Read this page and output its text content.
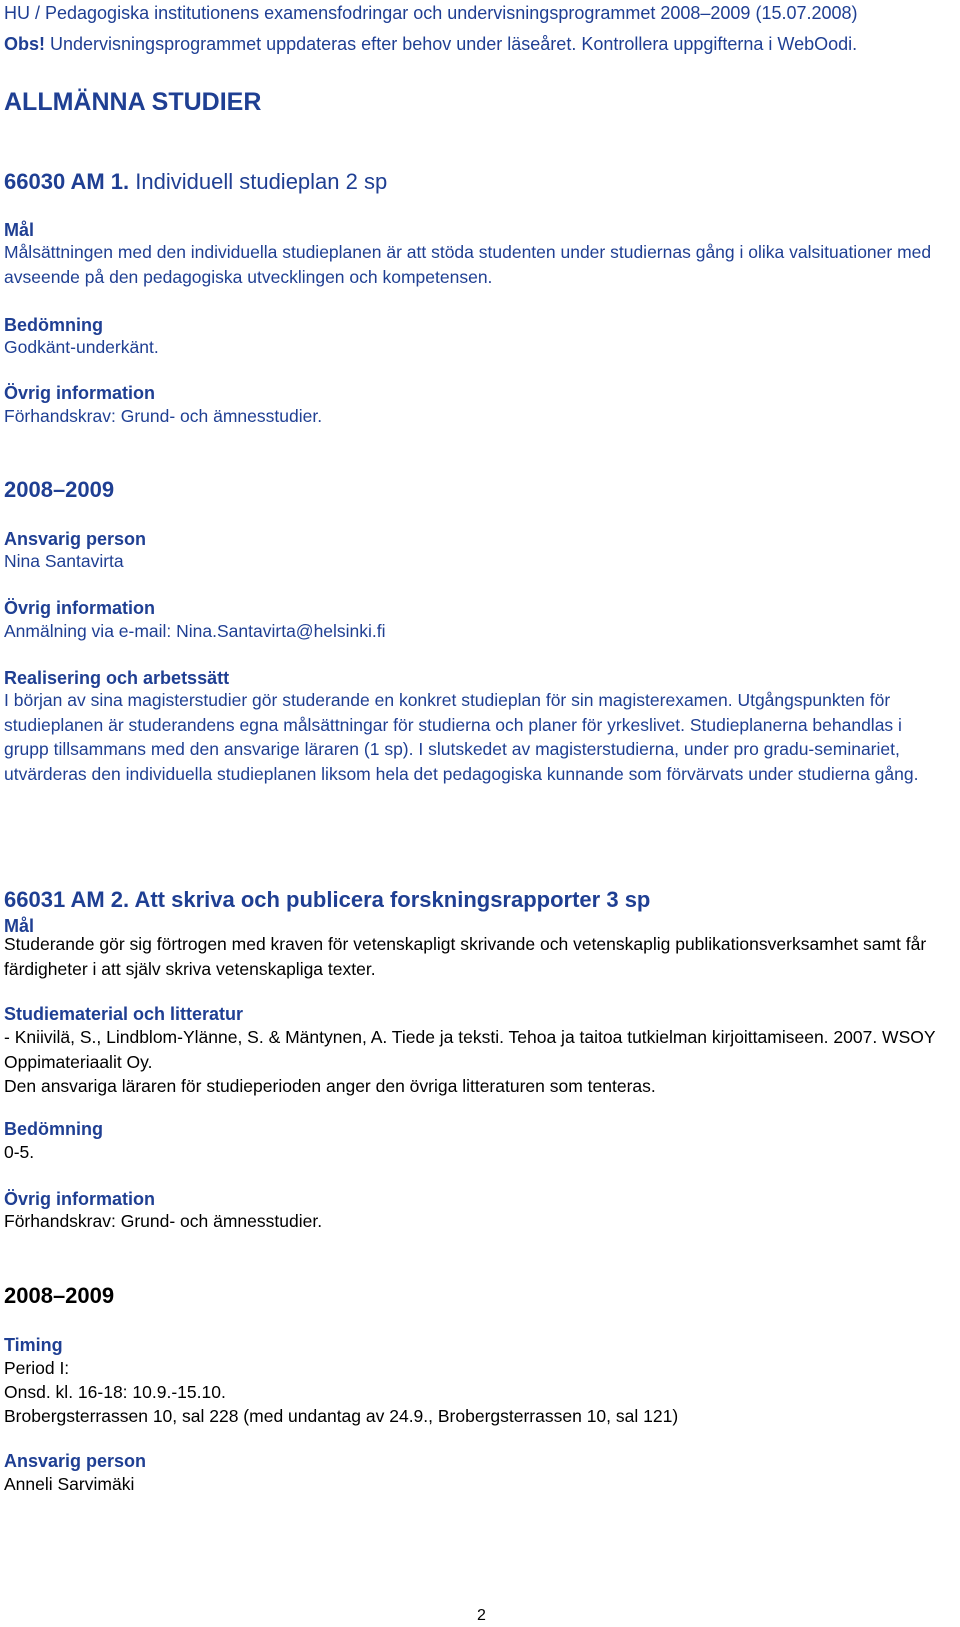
HU / Pedagogiska institutionens examensfodringar och undervisningsprogrammet 2008–2009 (15.07.2008)
Obs! Undervisningsprogrammet uppdateras efter behov under läseåret. Kontrollera uppgifterna i WebOodi.
ALLMÄNNA STUDIER
66030 AM 1. Individuell studieplan 2 sp
Mål
Målsättningen med den individuella studieplanen är att stöda studenten under studiernas gång i olika valsituationer med avseende på den pedagogiska utvecklingen och kompetensen.
Bedömning
Godkänt-underkänt.
Övrig information
Förhandskrav: Grund- och ämnesstudier.
2008–2009
Ansvarig person
Nina Santavirta
Övrig information
Anmälning via e-mail: Nina.Santavirta@helsinki.fi
Realisering och arbetssätt
I början av sina magisterstudier gör studerande en konkret studieplan för sin magisterexamen. Utgångspunkten för studieplanen är studerandens egna målsättningar för studierna och planer för yrkeslivet. Studieplanerna behandlas i grupp tillsammans med den ansvarige läraren (1 sp). I slutskedet av magisterstudierna, under pro gradu-seminariet, utvärderas den individuella studieplanen liksom hela det pedagogiska kunnande som förvärvats under studierna gång.
66031 AM 2. Att skriva och publicera forskningsrapporter 3 sp
Mål
Studerande gör sig förtrogen med kraven för vetenskapligt skrivande och vetenskaplig publikationsverksamhet samt får färdigheter i att själv skriva vetenskapliga texter.
Studiematerial och litteratur
- Kniivilä, S., Lindblom-Ylänne, S. & Mäntynen, A. Tiede ja teksti. Tehoa ja taitoa tutkielman kirjoittamiseen. 2007. WSOY Oppimateriaalit Oy.
Den ansvariga läraren för studieperioden anger den övriga litteraturen som tenteras.
Bedömning
0-5.
Övrig information
Förhandskrav: Grund- och ämnesstudier.
2008–2009
Timing
Period I:
Onsd. kl. 16-18: 10.9.-15.10.
Brobergsterrassen 10, sal 228 (med undantag av 24.9., Brobergsterrassen 10, sal 121)
Ansvarig person
Anneli Sarvimäki
2
